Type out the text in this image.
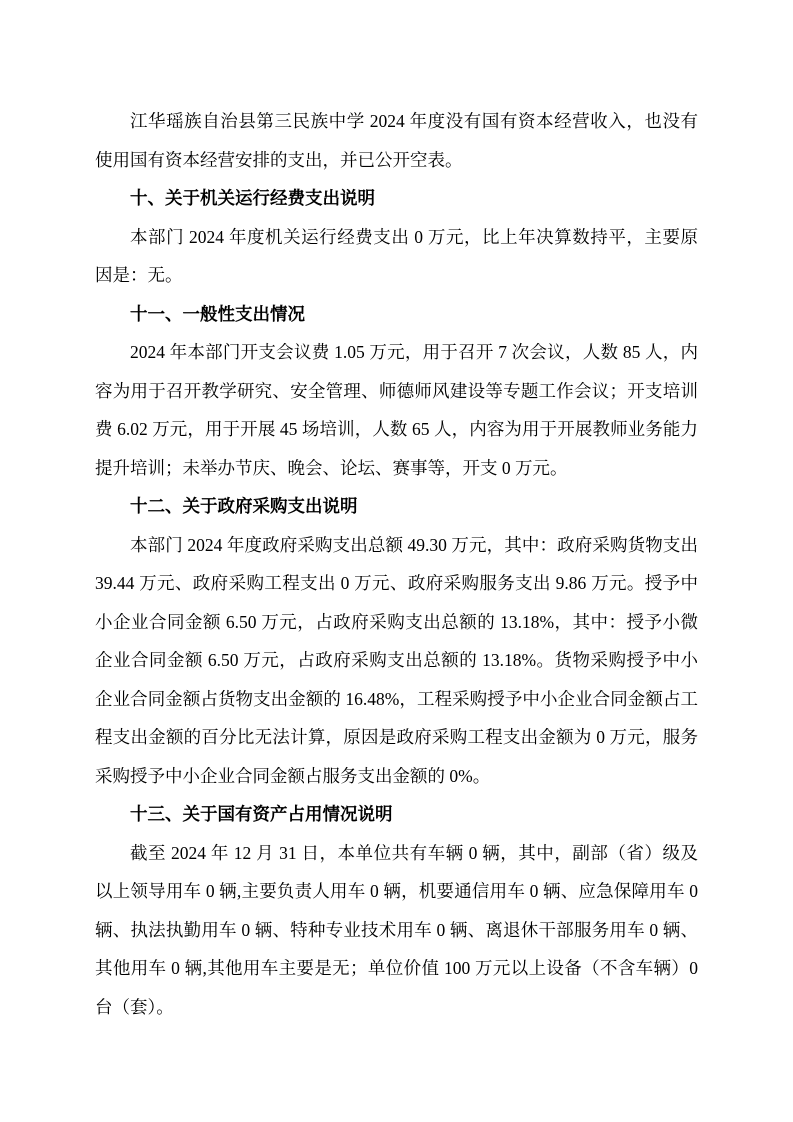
江华瑶族自治县第三民族中学 2024 年度没有国有资本经营收入，也没有使用国有资本经营安排的支出，并已公开空表。

十、关于机关运行经费支出说明

本部门 2024 年度机关运行经费支出 0 万元，比上年决算数持平，主要原因是：无。

十一、一般性支出情况

2024 年本部门开支会议费 1.05 万元，用于召开 7 次会议，人数 85 人，内容为用于召开教学研究、安全管理、师德师风建设等专题工作会议；开支培训费 6.02 万元，用于开展 45 场培训，人数 65 人，内容为用于开展教师业务能力提升培训；未举办节庆、晚会、论坛、赛事等，开支 0 万元。

十二、关于政府采购支出说明

本部门 2024 年度政府采购支出总额 49.30 万元，其中：政府采购货物支出 39.44 万元、政府采购工程支出 0 万元、政府采购服务支出 9.86 万元。授予中小企业合同金额 6.50 万元，占政府采购支出总额的 13.18%，其中：授予小微企业合同金额 6.50 万元，占政府采购支出总额的 13.18%。货物采购授予中小企业合同金额占货物支出金额的 16.48%，工程采购授予中小企业合同金额占工程支出金额的百分比无法计算，原因是政府采购工程支出金额为 0 万元，服务采购授予中小企业合同金额占服务支出金额的 0%。

十三、关于国有资产占用情况说明

截至 2024 年 12 月 31 日，本单位共有车辆 0 辆，其中，副部（省）级及以上领导用车 0 辆,主要负责人用车 0 辆，机要通信用车 0 辆、应急保障用车 0 辆、执法执勤用车 0 辆、特种专业技术用车 0 辆、离退休干部服务用车 0 辆、其他用车 0 辆,其他用车主要是无；单位价值 100 万元以上设备（不含车辆）0 台（套）。
